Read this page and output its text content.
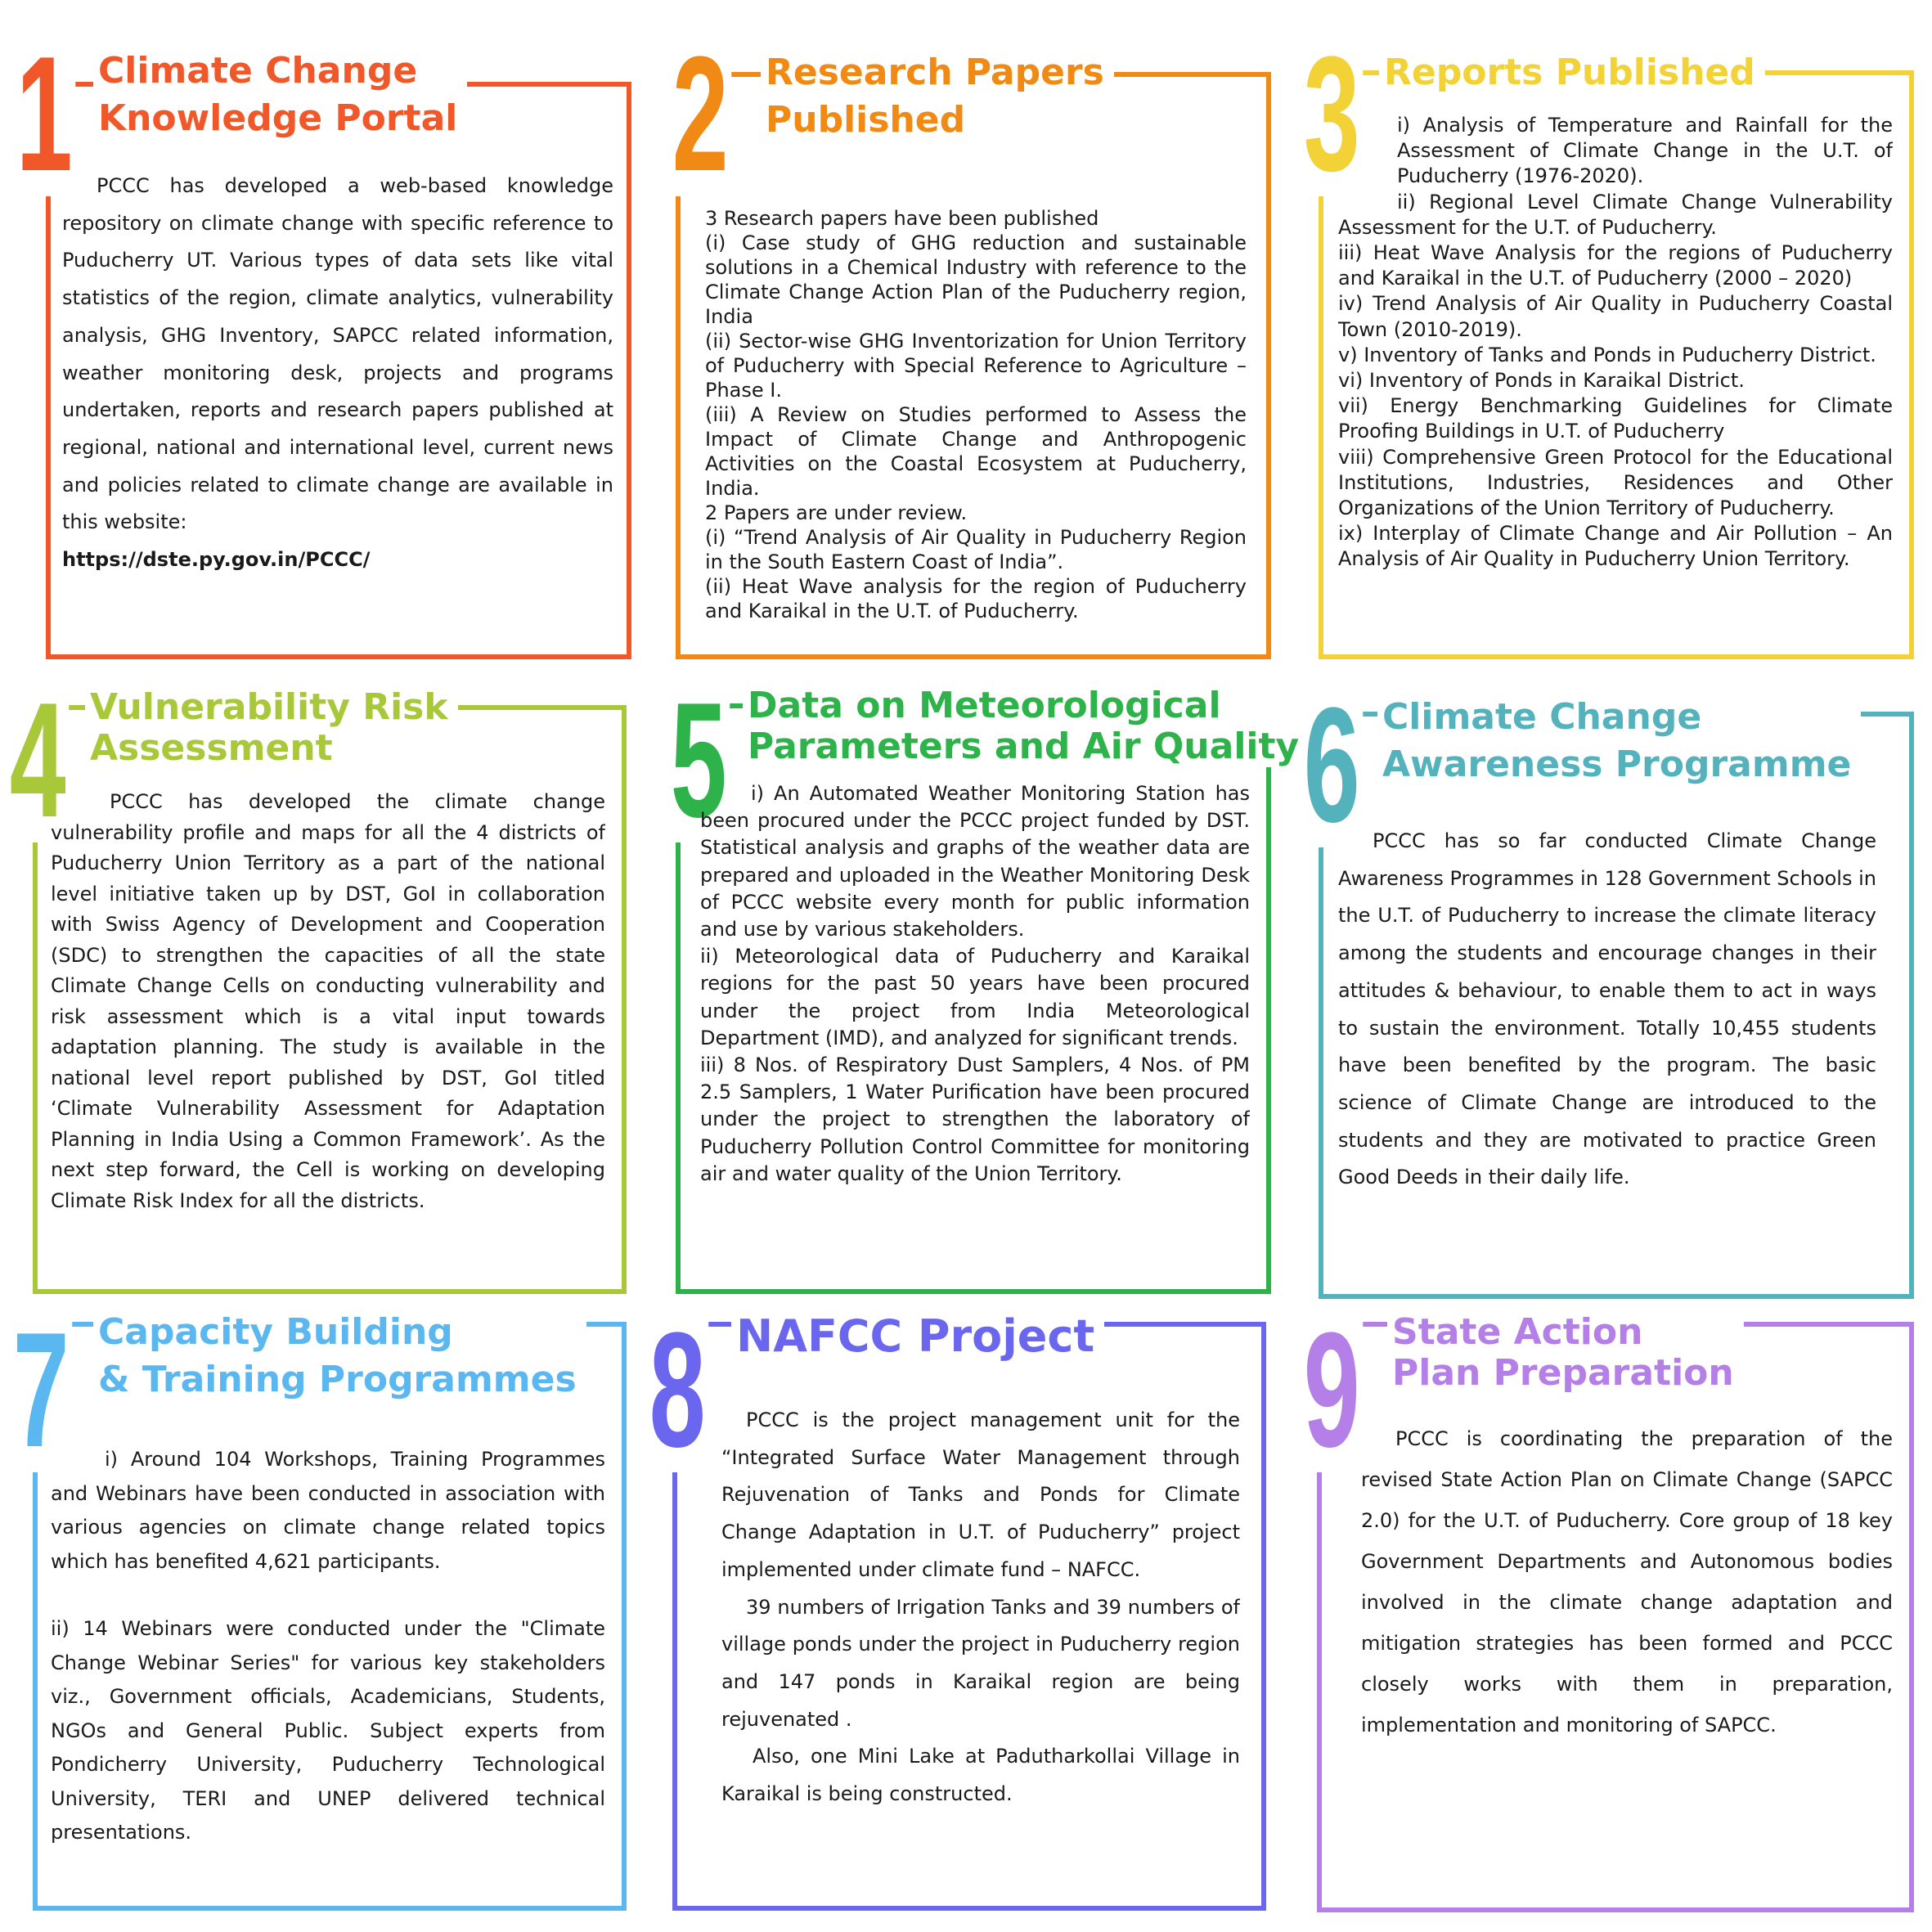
1 Climate Change
Knowledge Portal

PCCC has developed a web-based knowledge repository on climate change with specific reference to Puducherry UT. Various types of data sets like vital statistics of the region, climate analytics, vulnerability analysis, GHG Inventory, SAPCC related information, weather monitoring desk, projects and programs undertaken, reports and research papers published at regional, national and international level, current news and policies related to climate change are available in this website:

https://dste.py.gov.in/PCCC/

2 Research Papers
Published

3 Research papers have been published

(i) Case study of GHG reduction and sustainable solutions in a Chemical Industry with reference to the Climate Change Action Plan of the Puducherry region, India

(ii) Sector-wise GHG Inventorization for Union Territory of Puducherry with Special Reference to Agriculture – Phase I.

(iii) A Review on Studies performed to Assess the Impact of Climate Change and Anthropogenic Activities on the Coastal Ecosystem at Puducherry, India.

2 Papers are under review.

(i) “Trend Analysis of Air Quality in Puducherry Region in the South Eastern Coast of India”.

(ii) Heat Wave analysis for the region of Puducherry and Karaikal in the U.T. of Puducherry.

3 Reports Published

i) Analysis of Temperature and Rainfall for the Assessment of Climate Change in the U.T. of Puducherry (1976-2020).

ii) Regional Level Climate Change Vulnerability Assessment for the U.T. of Puducherry.

iii) Heat Wave Analysis for the regions of Puducherry and Karaikal in the U.T. of Puducherry (2000 – 2020)

iv) Trend Analysis of Air Quality in Puducherry Coastal Town (2010-2019).

v) Inventory of Tanks and Ponds in Puducherry District.

vi) Inventory of Ponds in Karaikal District.

vii) Energy Benchmarking Guidelines for Climate Proofing Buildings in U.T. of Puducherry

viii) Comprehensive Green Protocol for the Educational Institutions, Industries, Residences and Other Organizations of the Union Territory of Puducherry.

ix) Interplay of Climate Change and Air Pollution – An Analysis of Air Quality in Puducherry Union Territory.

4 Vulnerability Risk
Assessment

PCCC has developed the climate change vulnerability profile and maps for all the 4 districts of Puducherry Union Territory as a part of the national level initiative taken up by DST, GoI in collaboration with Swiss Agency of Development and Cooperation (SDC) to strengthen the capacities of all the state Climate Change Cells on conducting vulnerability and risk assessment which is a vital input towards adaptation planning. The study is available in the national level report published by DST, GoI titled ‘Climate Vulnerability Assessment for Adaptation Planning in India Using a Common Framework’. As the next step forward, the Cell is working on developing Climate Risk Index for all the districts.

5 Data on Meteorological
Parameters and Air Quality

i) An Automated Weather Monitoring Station has been procured under the PCCC project funded by DST. Statistical analysis and graphs of the weather data are prepared and uploaded in the Weather Monitoring Desk of PCCC website every month for public information and use by various stakeholders.

ii) Meteorological data of Puducherry and Karaikal regions for the past 50 years have been procured under the project from India Meteorological Department (IMD), and analyzed for significant trends.

iii) 8 Nos. of Respiratory Dust Samplers, 4 Nos. of PM 2.5 Samplers, 1 Water Purification have been procured under the project to strengthen the laboratory of Puducherry Pollution Control Committee for monitoring air and water quality of the Union Territory.

6 Climate Change
Awareness Programme

PCCC has so far conducted Climate Change Awareness Programmes in 128 Government Schools in the U.T. of Puducherry to increase the climate literacy among the students and encourage changes in their attitudes & behaviour, to enable them to act in ways to sustain the environment. Totally 10,455 students have been benefited by the program. The basic science of Climate Change are introduced to the students and they are motivated to practice Green Good Deeds in their daily life.

7 Capacity Building
& Training Programmes

i) Around 104 Workshops, Training Programmes and Webinars have been conducted in association with various agencies on climate change related topics which has benefited 4,621 participants.

ii) 14 Webinars were conducted under the "Climate Change Webinar Series" for various key stakeholders viz., Government officials, Academicians, Students, NGOs and General Public. Subject experts from Pondicherry University, Puducherry Technological University, TERI and UNEP delivered technical presentations.

8 NAFCC Project

PCCC is the project management unit for the “Integrated Surface Water Management through Rejuvenation of Tanks and Ponds for Climate Change Adaptation in U.T. of Puducherry” project implemented under climate fund – NAFCC.

39 numbers of Irrigation Tanks and 39 numbers of village ponds under the project in Puducherry region and 147 ponds in Karaikal region are being rejuvenated .

Also, one Mini Lake at Padutharkollai Village in Karaikal is being constructed.

9 State Action
Plan Preparation

PCCC is coordinating the preparation of the revised State Action Plan on Climate Change (SAPCC 2.0) for the U.T. of Puducherry. Core group of 18 key Government Departments and Autonomous bodies involved in the climate change adaptation and mitigation strategies has been formed and PCCC closely works with them in preparation, implementation and monitoring of SAPCC.
